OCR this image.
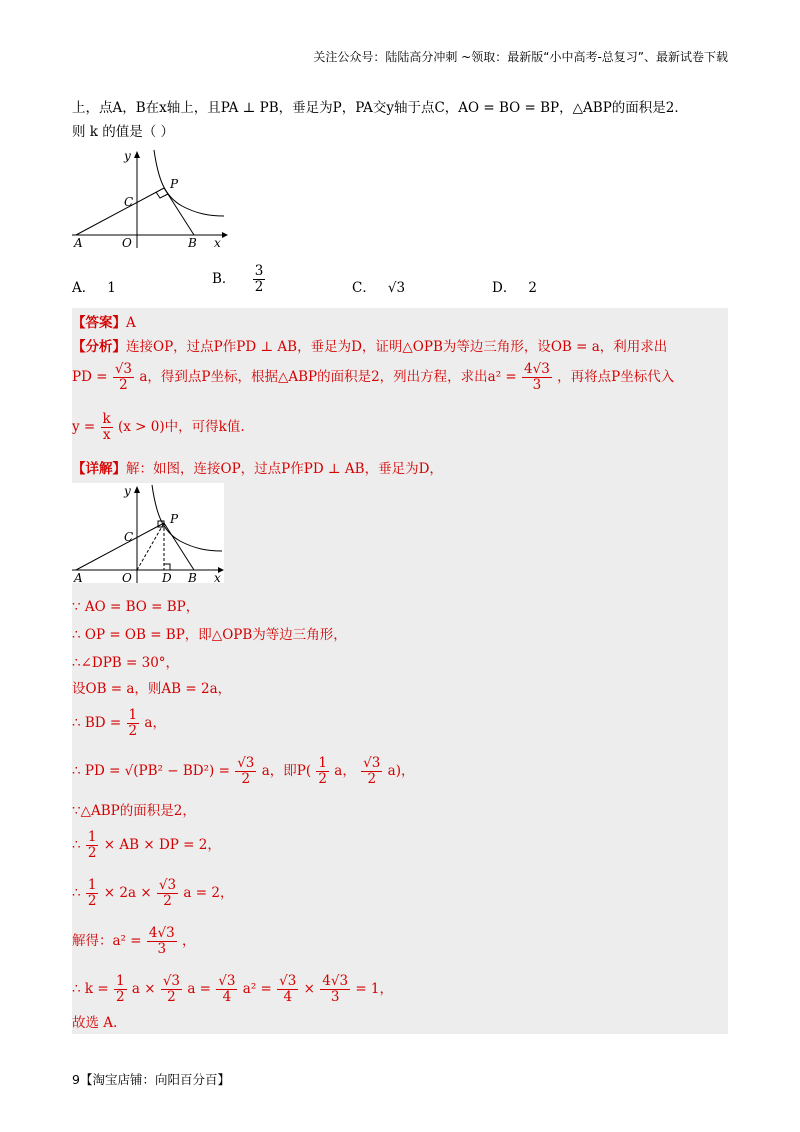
关注公众号：陆陆高分冲刺 ~领取：最新版“小中高考-总复习”、最新试卷下载

上，点A，B在x轴上，且PA ⊥ PB，垂足为P，PA交y轴于点C，AO = BO = BP，△ABP的面积是2．

则 k 的值是（ ）

y
C
P
A	O	B x
A． 1
B． $\frac{3}{2}$	C． √3	D． 2
【答案】A
【分析】连接OP，过点P作PD ⊥ AB，垂足为D，证明△OPB为等边三角形，设OB = a，利用求出
PD = $\frac{√3}{2}$ a，得到点P坐标，根据△ABP的面积是2，列出方程，求出$a^2 = \frac{4√3}{3}$ ，再将点P坐标代入
$y = \frac{k}{x} (x > 0)$中，可得k值.
【详解】解：如图，连接OP，过点P作PD ⊥ AB，垂足为D，
y
C
P
A	O	D B x
∵ AO = BO = BP，
∴ OP = OB = BP，即△OPB为等边三角形，
∴∠DPB = 30°，
设OB = a，则AB = 2a，
∴ BD = $\frac{1}{2}$ a，
∴ PD = $√(PB^2 - BD^2) = \frac{√3}{2}$ a，即$P( \frac{1}{2}$ a， $\frac{√3}{2} a$)，
∵△ABP的面积是2，
∴ $\frac{1}{2}$ × AB × DP = 2，
∴ $\frac{1}{2} \times 2a \times \frac{√3}{2}$ a = 2，
解得：$a^2 = \frac{4√3}{3}$ ，
∴ $k = \frac{1}{2}$ $a \times \frac{√3}{2}$ $a = \frac{√3}{4} a^2 = \frac{√3}{4} \times \frac{4√3}{3} = 1$，
故选 A.
9【淘宝店铺：向阳百分百】
